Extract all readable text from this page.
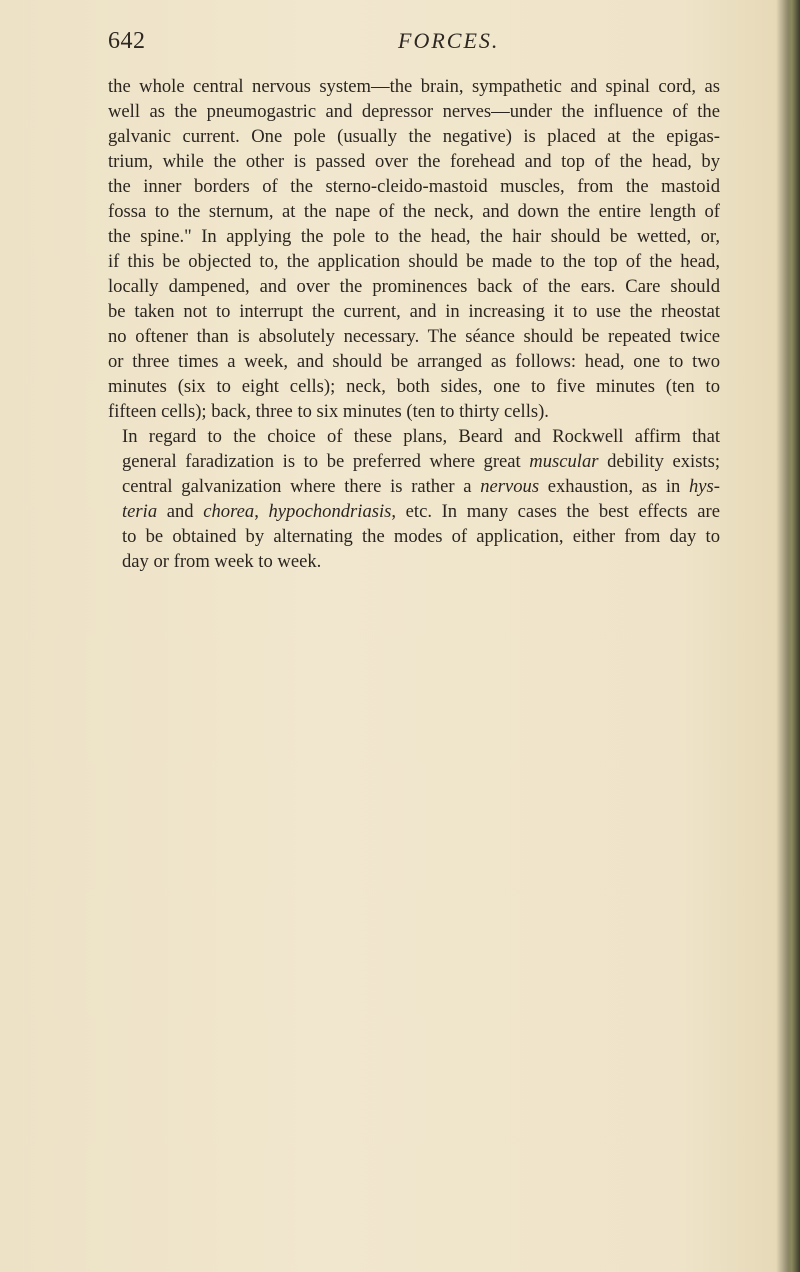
642	FORCES.

the whole central nervous system—the brain, sympathetic and spinal cord, as
well as the pneumogastric and depressor nerves—under the influence of the
galvanic current. One pole (usually the negative) is placed at the epigas-
trium, while the other is passed over the forehead and top of the head, by
the inner borders of the sterno-cleido-mastoid muscles, from the mastoid
fossa to the sternum, at the nape of the neck, and down the entire length of
the spine." In applying the pole to the head, the hair should be wetted, or,
if this be objected to, the application should be made to the top of the head,
locally dampened, and over the prominences back of the ears. Care should
be taken not to interrupt the current, and in increasing it to use the rheostat
no oftener than is absolutely necessary. The séance should be repeated twice
or three times a week, and should be arranged as follows: head, one to two
minutes (six to eight cells); neck, both sides, one to five minutes (ten to
fifteen cells); back, three to six minutes (ten to thirty cells).

In regard to the choice of these plans, Beard and Rockwell affirm that
general faradization is to be preferred where great muscular debility exists;
central galvanization where there is rather a nervous exhaustion, as in hys-
teria and chorea, hypochondriasis, etc. In many cases the best effects are
to be obtained by alternating the modes of application, either from day to
day or from week to week.
